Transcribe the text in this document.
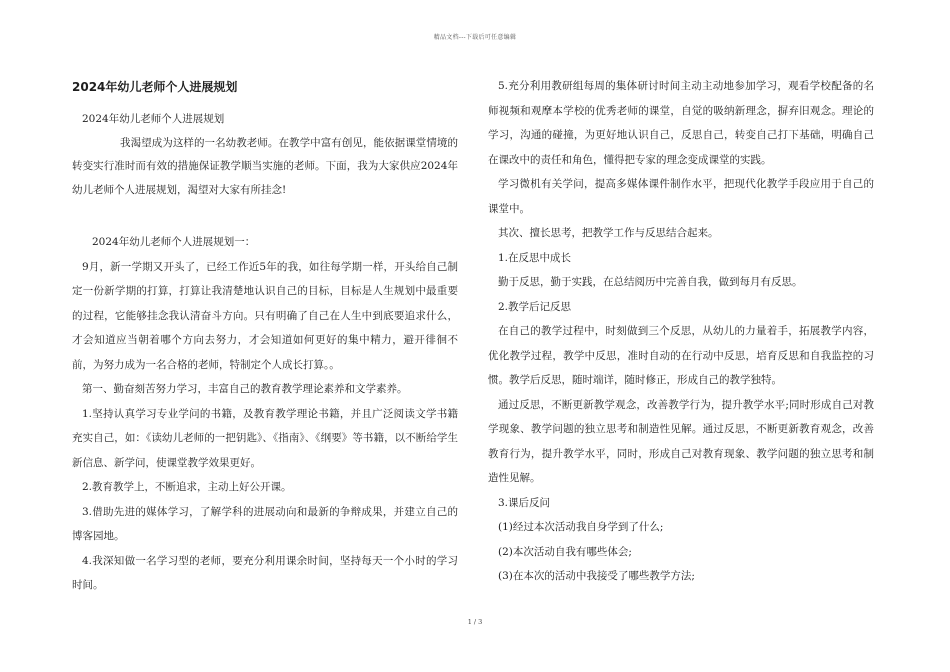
精品文档---下载后可任意编辑
2024年幼儿老师个人进展规划

2024年幼儿老师个人进展规划

我渴望成为这样的一名幼教老师。在教学中富有创见，能依据课堂情境的转变实行准时而有效的措施保证教学顺当实施的老师。下面，我为大家供应2024年幼儿老师个人进展规划，渴望对大家有所挂念!

2024年幼儿老师个人进展规划一：

9月，新一学期又开头了，已经工作近5年的我，如往每学期一样，开头给自己制定一份新学期的打算，打算让我清楚地认识自己的目标，目标是人生规划中最重要的过程，它能够挂念我认清奋斗方向。只有明确了自己在人生中到底要追求什么，才会知道应当朝着哪个方向去努力，才会知道如何更好的集中精力，避开徘徊不前，为努力成为一名合格的老师，特制定个人成长打算。。

第一、勤奋刻苦努力学习，丰富自己的教育教学理论素养和文学素养。

1.坚持认真学习专业学问的书籍，及教育教学理论书籍，并且广泛阅读文学书籍充实自己，如：《读幼儿老师的一把钥匙》、《指南》、《纲要》等书籍，以不断给学生新信息、新学问，使课堂教学效果更好。

2.教育教学上，不断追求，主动上好公开课。

3.借助先进的媒体学习，了解学科的进展动向和最新的争辩成果，并建立自己的博客园地。

4.我深知做一名学习型的老师，要充分利用课余时间，坚持每天一个小时的学习时间。

5.充分利用教研组每周的集体研讨时间主动主动地参加学习，观看学校配备的名师视频和观摩本学校的优秀老师的课堂，自觉的吸纳新理念，摒弃旧观念。理论的学习，沟通的碰撞，为更好地认识自己，反思自己，转变自己打下基础，明确自己在课改中的责任和角色，懂得把专家的理念变成课堂的实践。

学习微机有关学问，提高多媒体课件制作水平，把现代化教学手段应用于自己的课堂中。

其次、擅长思考，把教学工作与反思结合起来。

1.在反思中成长

勤于反思，勤于实践，在总结阅历中完善自我，做到每月有反思。

2.教学后记反思

在自己的教学过程中，时刻做到三个反思，从幼儿的力量着手，拓展教学内容，优化教学过程，教学中反思，准时自动的在行动中反思，培育反思和自我监控的习惯。教学后反思，随时端详，随时修正，形成自己的教学独特。

通过反思，不断更新教学观念，改善教学行为，提升教学水平;同时形成自己对教学现象、教学问题的独立思考和制造性见解。通过反思，不断更新教育观念，改善教育行为，提升教学水平，同时，形成自己对教育现象、教学问题的独立思考和制造性见解。

3.课后反问

(1)经过本次活动我自身学到了什么;

(2)本次活动自我有哪些体会;

(3)在本次的活动中我接受了哪些教学方法;

1 / 3
